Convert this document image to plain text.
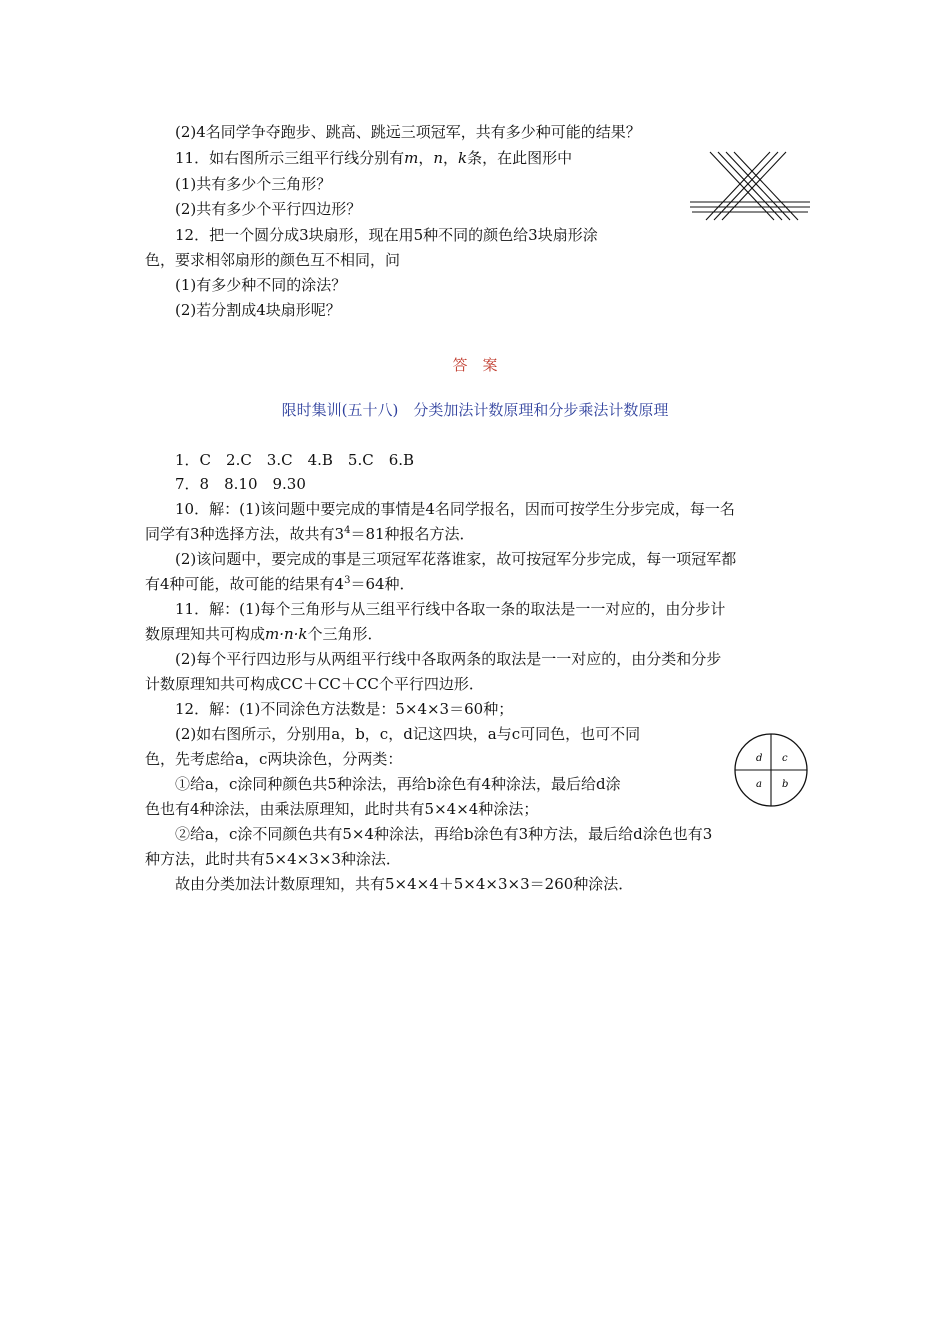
(2)4名同学争夺跑步、跳高、跳远三项冠军，共有多少种可能的结果？
11．如右图所示三组平行线分别有m，n，k条，在此图形中
(1)共有多少个三角形？
(2)共有多少个平行四边形？
12．把一个圆分成3块扇形，现在用5种不同的颜色给3块扇形涂
色，要求相邻扇形的颜色互不相同，问
(1)有多少种不同的涂法？
(2)若分割成4块扇形呢？
答　案
限时集训(五十八)　分类加法计数原理和分步乘法计数原理
1．C　2.C　3.C　4.B　5.C　6.B
7．8　8.10　9.30
10．解：(1)该问题中要完成的事情是4名同学报名，因而可按学生分步完成，每一名
同学有3种选择方法，故共有$3^4=81$种报名方法．
(2)该问题中，要完成的事是三项冠军花落谁家，故可按冠军分步完成，每一项冠军都
有4种可能，故可能的结果有$4^3=64$种．
11．解：(1)每个三角形与从三组平行线中各取一条的取法是一一对应的，由分步计
数原理知共可构成m·n·k个三角形．
(2)每个平行四边形与从两组平行线中各取两条的取法是一一对应的，由分类和分步
计数原理知共可构成CC＋CC＋CC个平行四边形．
12．解：(1)不同涂色方法数是：5×4×3＝60种；
(2)如右图所示，分别用a，b，c，d记这四块，a与c可同色，也可不同
色，先考虑给a，c两块涂色，分两类：
①给a，c涂同种颜色共5种涂法，再给b涂色有4种涂法，最后给d涂
色也有4种涂法，由乘法原理知，此时共有5×4×4种涂法；
②给a，c涂不同颜色共有5×4种涂法，再给b涂色有3种方法，最后给d涂色也有3
种方法，此时共有5×4×3×3种涂法．
故由分类加法计数原理知，共有5×4×4＋5×4×3×3＝260种涂法．
d c
a b
